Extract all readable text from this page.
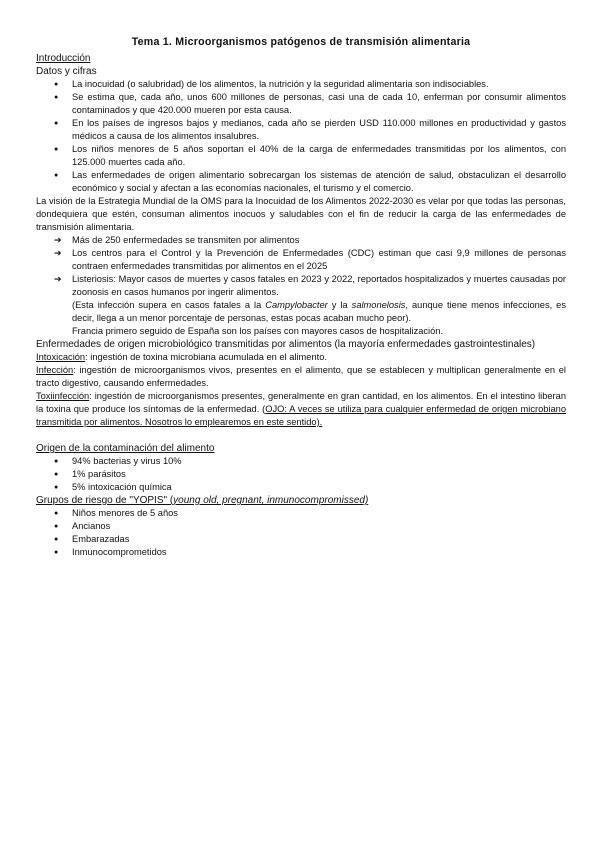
Tema 1. Microorganismos patógenos de transmisión alimentaria
Introducción
Datos y cifras
● La inocuidad (o salubridad) de los alimentos, la nutrición y la seguridad alimentaria son indisociables.
● Se estima que, cada año, unos 600 millones de personas, casi una de cada 10, enferman por consumir alimentos contaminados y que 420.000 mueren por esta causa.
● En los países de ingresos bajos y medianos, cada año se pierden USD 110.000 millones en productividad y gastos médicos a causa de los alimentos insalubres.
● Los niños menores de 5 años soportan el 40% de la carga de enfermedades transmitidas por los alimentos, con 125.000 muertes cada año.
● Las enfermedades de origen alimentario sobrecargan los sistemas de atención de salud, obstaculizan el desarrollo económico y social y afectan a las economías nacionales, el turismo y el comercio.

La visión de la Estrategia Mundial de la OMS para la Inocuidad de los Alimentos 2022-2030 es velar por que todas las personas, dondequiera que estén, consuman alimentos inocuos y saludables con el fin de reducir la carga de las enfermedades de transmisión alimentaria.

➔ Más de 250 enfermedades se transmiten por alimentos
➔ Los centros para el Control y la Prevención de Enfermedades (CDC) estiman que casi 9,9 millones de personas contraen enfermedades transmitidas por alimentos en el 2025
➔ Listeriosis: Mayor casos de muertes y casos fatales en 2023 y 2022, reportados hospitalizados y muertes causadas por zoonosis en casos humanos por ingerir alimentos.
(Esta infección supera en casos fatales a la Campylobacter y la salmonelosis, aunque tiene menos infecciones, es decir, llega a un menor porcentaje de personas, estas pocas acaban mucho peor).
Francia primero seguido de España son los países con mayores casos de hospitalización.
Enfermedades de origen microbiológico transmitidas por alimentos (la mayoría enfermedades gastrointestinales)

Intoxicación: ingestión de toxina microbiana acumulada en el alimento.

Infección: ingestión de microorganismos vivos, presentes en el alimento, que se establecen y multiplican generalmente en el tracto digestivo, causando enfermedades.

Toxiinfección: ingestión de microorganismos presentes, generalmente en gran cantidad, en los alimentos. En el intestino liberan la toxina que produce los síntomas de la enfermedad. (OJO: A veces se utiliza para cualquier enfermedad de origen microbiano transmitida por alimentos. Nosotros lo emplearemos en este sentido).

Origen de la contaminación del alimento
● 94% bacterias y virus 10%
● 1% parásitos
● 5% intoxicación química
Grupos de riesgo de "YOPIS" (young old, pregnant, inmunocompromissed)
● Niños menores de 5 años
● Ancianos
● Embarazadas
● Inmunocomprometidos
